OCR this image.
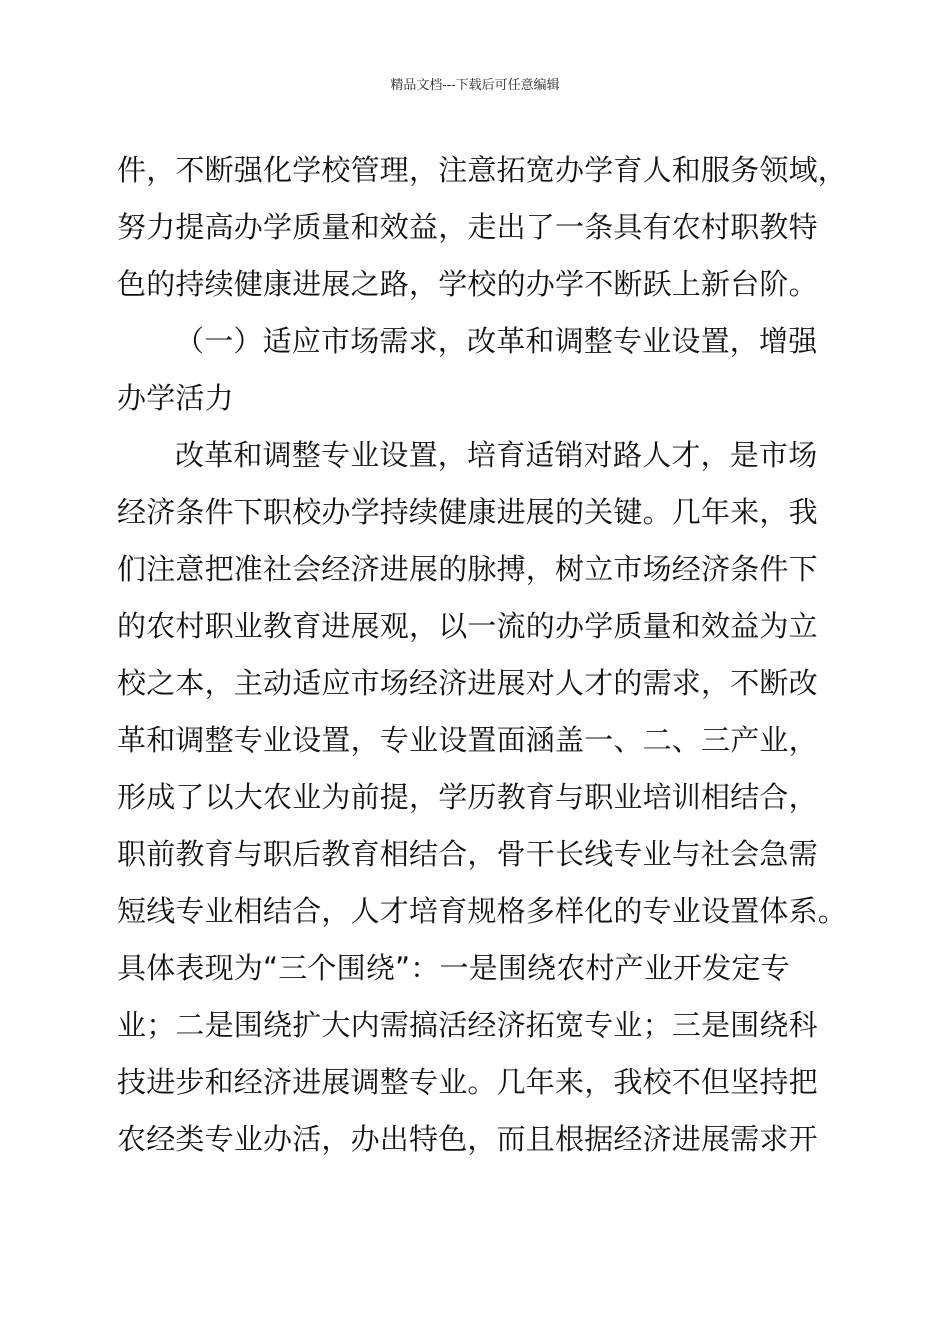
精品文档---下载后可任意编辑
件，不断强化学校管理，注意拓宽办学育人和服务领域，
努力提高办学质量和效益，走出了一条具有农村职教特
色的持续健康进展之路，学校的办学不断跃上新台阶。
（一）适应市场需求，改革和调整专业设置，增强
办学活力
改革和调整专业设置，培育适销对路人才，是市场
经济条件下职校办学持续健康进展的关键。几年来，我
们注意把准社会经济进展的脉搏，树立市场经济条件下
的农村职业教育进展观，以一流的办学质量和效益为立
校之本，主动适应市场经济进展对人才的需求，不断改
革和调整专业设置，专业设置面涵盖一、二、三产业，
形成了以大农业为前提，学历教育与职业培训相结合，
职前教育与职后教育相结合，骨干长线专业与社会急需
短线专业相结合，人才培育规格多样化的专业设置体系。
具体表现为“三个围绕”：一是围绕农村产业开发定专
业；二是围绕扩大内需搞活经济拓宽专业；三是围绕科
技进步和经济进展调整专业。几年来，我校不但坚持把
农经类专业办活，办出特色，而且根据经济进展需求开
